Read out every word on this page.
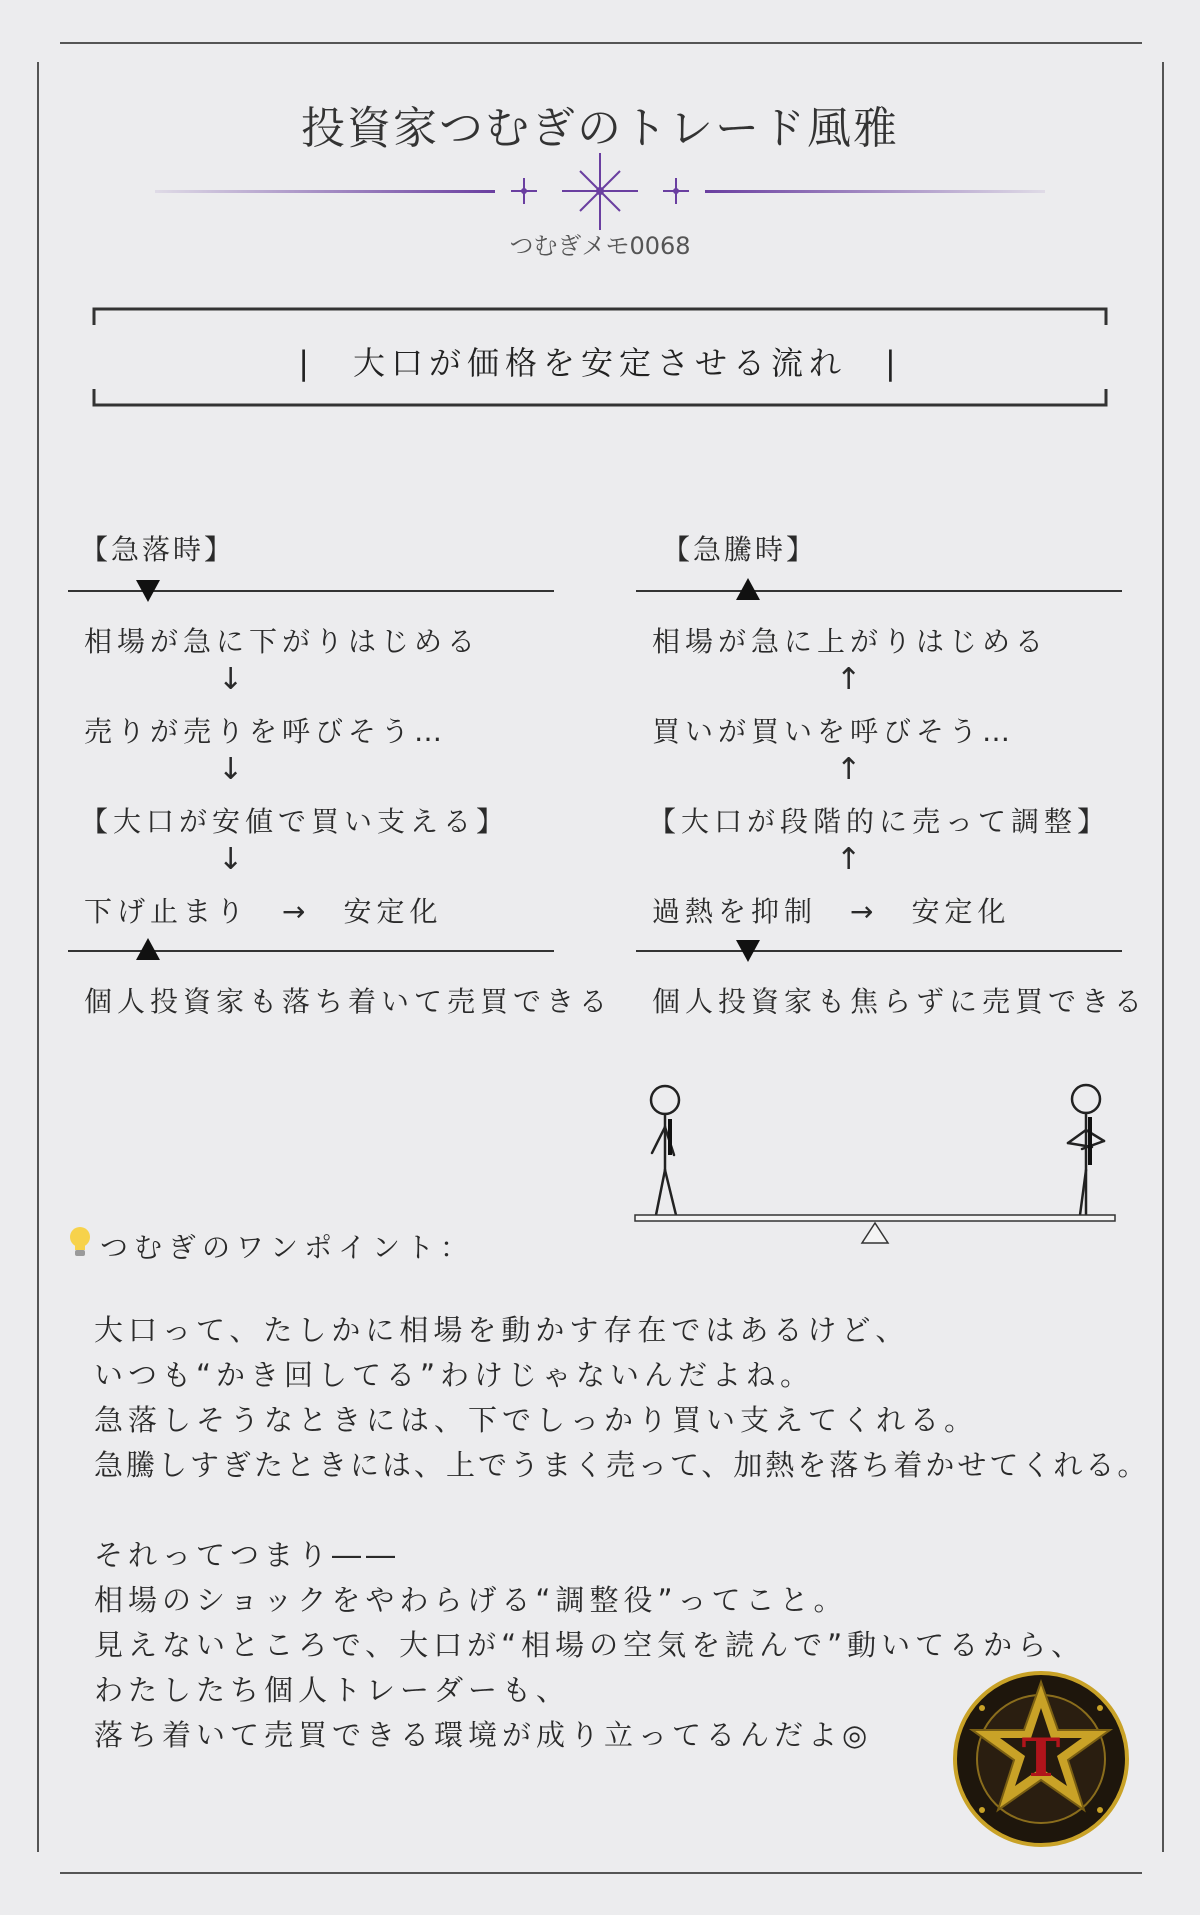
投資家つむぎのトレード風雅
つむぎメモ0068
|　大口が価格を安定させる流れ　|
【急落時】
相場が急に下がりはじめる
↓
売りが売りを呼びそう…
↓
【大口が安値で買い支える】
↓
下げ止まり　→　安定化
個人投資家も落ち着いて売買できる
【急騰時】
相場が急に上がりはじめる
↑
買いが買いを呼びそう…
↑
【大口が段階的に売って調整】
↑
過熱を抑制　→　安定化
個人投資家も焦らずに売買できる
つむぎのワンポイント：
大口って、たしかに相場を動かす存在ではあるけど、
いつも“かき回してる”わけじゃないんだよね。
急落しそうなときには、下でしっかり買い支えてくれる。
急騰しすぎたときには、上でうまく売って、加熱を落ち着かせてくれる。
それってつまり――
相場のショックをやわらげる“調整役”ってこと。
見えないところで、大口が“相場の空気を読んで”動いてるから、
わたしたち個人トレーダーも、
落ち着いて売買できる環境が成り立ってるんだよ◎	T
